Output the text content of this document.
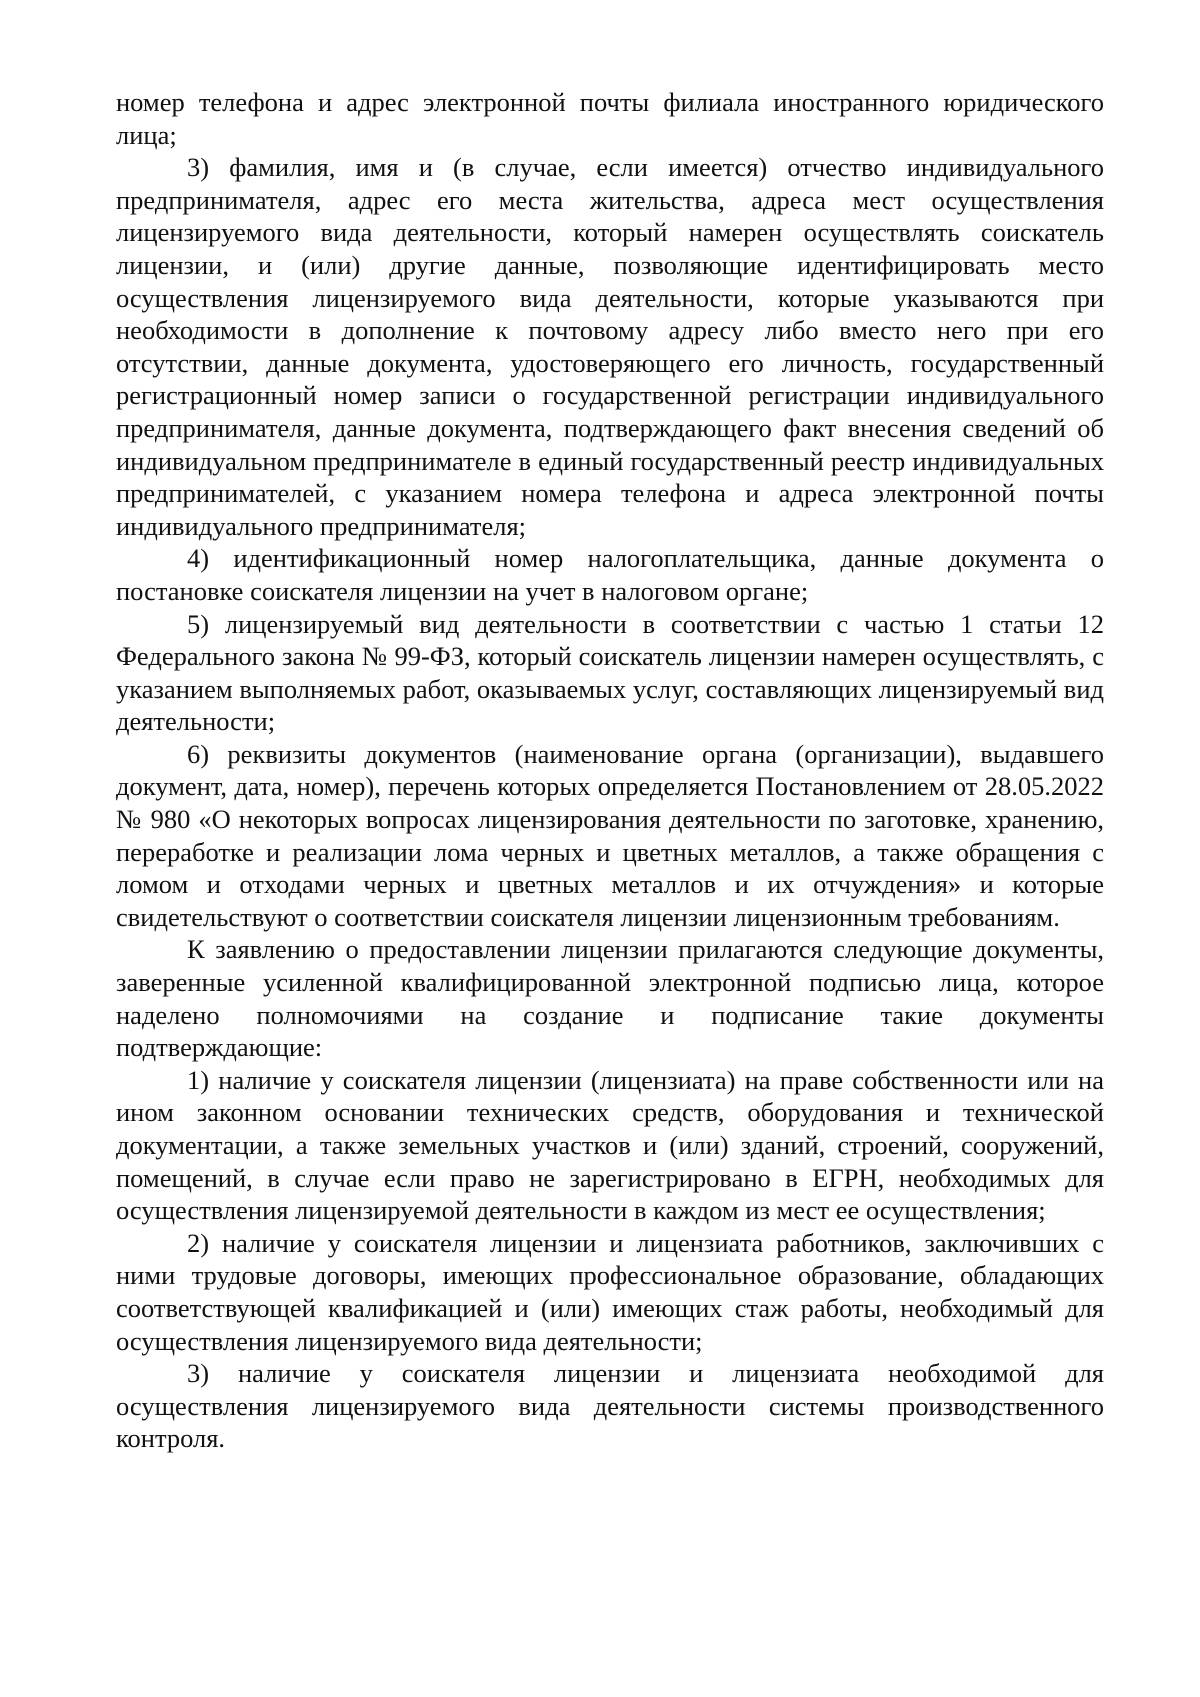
номер телефона и адрес электронной почты филиала иностранного юридического лица;

3) фамилия, имя и (в случае, если имеется) отчество индивидуального предпринимателя, адрес его места жительства, адреса мест осуществления лицензируемого вида деятельности, который намерен осуществлять соискатель лицензии, и (или) другие данные, позволяющие идентифицировать место осуществления лицензируемого вида деятельности, которые указываются при необходимости в дополнение к почтовому адресу либо вместо него при его отсутствии, данные документа, удостоверяющего его личность, государственный регистрационный номер записи о государственной регистрации индивидуального предпринимателя, данные документа, подтверждающего факт внесения сведений об индивидуальном предпринимателе в единый государственный реестр индивидуальных предпринимателей, с указанием номера телефона и адреса электронной почты индивидуального предпринимателя;

4) идентификационный номер налогоплательщика, данные документа о постановке соискателя лицензии на учет в налоговом органе;

5) лицензируемый вид деятельности в соответствии с частью 1 статьи 12 Федерального закона № 99-ФЗ, который соискатель лицензии намерен осуществлять, с указанием выполняемых работ, оказываемых услуг, составляющих лицензируемый вид деятельности;

6) реквизиты документов (наименование органа (организации), выдавшего документ, дата, номер), перечень которых определяется Постановлением от 28.05.2022 № 980 «О некоторых вопросах лицензирования деятельности по заготовке, хранению, переработке и реализации лома черных и цветных металлов, а также обращения с ломом и отходами черных и цветных металлов и их отчуждения» и которые свидетельствуют о соответствии соискателя лицензии лицензионным требованиям.

К заявлению о предоставлении лицензии прилагаются следующие документы, заверенные усиленной квалифицированной электронной подписью лица, которое наделено полномочиями на создание и подписание такие документы подтверждающие:

1) наличие у соискателя лицензии (лицензиата) на праве собственности или на ином законном основании технических средств, оборудования и технической документации, а также земельных участков и (или) зданий, строений, сооружений, помещений, в случае если право не зарегистрировано в ЕГРН, необходимых для осуществления лицензируемой деятельности в каждом из мест ее осуществления;

2) наличие у соискателя лицензии и лицензиата работников, заключивших с ними трудовые договоры, имеющих профессиональное образование, обладающих соответствующей квалификацией и (или) имеющих стаж работы, необходимый для осуществления лицензируемого вида деятельности;

3) наличие у соискателя лицензии и лицензиата необходимой для осуществления лицензируемого вида деятельности системы производственного контроля.
